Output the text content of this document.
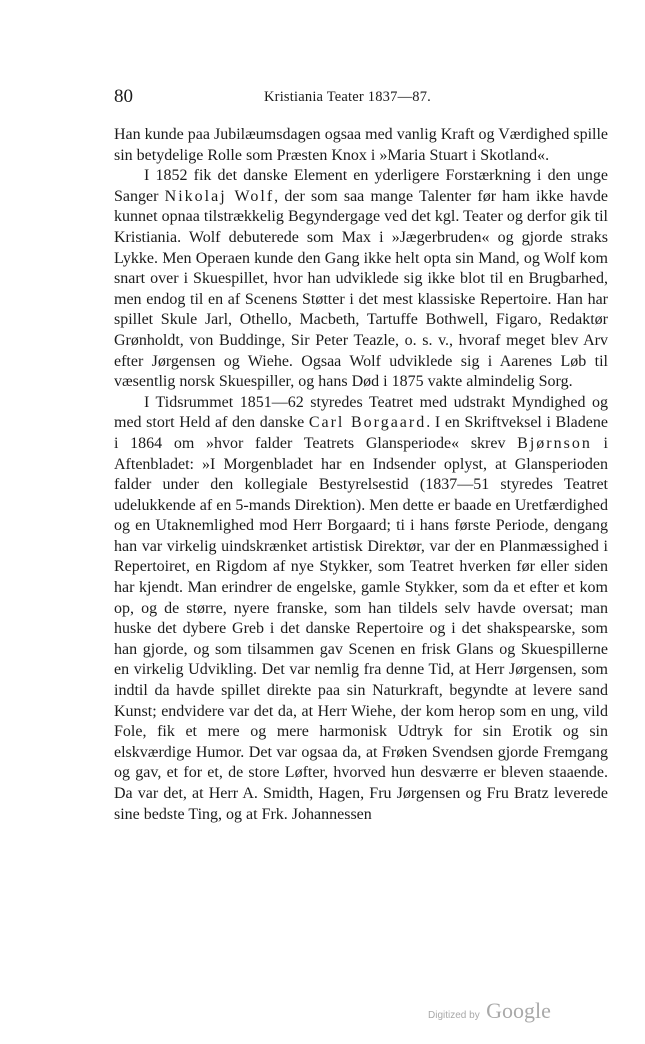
80	Kristiania Teater 1837—87.

Han kunde paa Jubilæumsdagen ogsaa med vanlig Kraft og Værdighed spille sin betydelige Rolle som Præsten Knox i »Maria Stuart i Skotland«.

I 1852 fik det danske Element en yderligere Forstærkning i den unge Sanger Nikolaj Wolf, der som saa mange Talenter før ham ikke havde kunnet opnaa tilstrækkelig Begyndergage ved det kgl. Teater og derfor gik til Kristiania. Wolf debuterede som Max i »Jægerbruden« og gjorde straks Lykke. Men Operaen kunde den Gang ikke helt opta sin Mand, og Wolf kom snart over i Skuespillet, hvor han udviklede sig ikke blot til en Brugbarhed, men endog til en af Scenens Støtter i det mest klassiske Repertoire. Han har spillet Skule Jarl, Othello, Macbeth, Tartuffe Bothwell, Figaro, Redaktør Grønholdt, von Buddinge, Sir Peter Teazle, o. s. v., hvoraf meget blev Arv efter Jørgensen og Wiehe. Ogsaa Wolf udviklede sig i Aarenes Løb til væsentlig norsk Skuespiller, og hans Død i 1875 vakte almindelig Sorg.

I Tidsrummet 1851—62 styredes Teatret med udstrakt Myndighed og med stort Held af den danske Carl Borgaard. I en Skriftveksel i Bladene i 1864 om »hvor falder Teatrets Glansperiode« skrev Bjørnson i Aftenbladet: »I Morgenbladet har en Indsender oplyst, at Glansperioden falder under den kollegiale Bestyrelsestid (1837—51 styredes Teatret udelukkende af en 5-mands Direktion). Men dette er baade en Uretfærdighed og en Utaknemlighed mod Herr Borgaard; ti i hans første Periode, dengang han var virkelig uindskrænket artistisk Direktør, var der en Planmæssighed i Repertoiret, en Rigdom af nye Stykker, som Teatret hverken før eller siden har kjendt. Man erindrer de engelske, gamle Stykker, som da et efter et kom op, og de større, nyere franske, som han tildels selv havde oversat; man huske det dybere Greb i det danske Repertoire og i det shakspearske, som han gjorde, og som tilsammen gav Scenen en frisk Glans og Skuespillerne en virkelig Udvikling. Det var nemlig fra denne Tid, at Herr Jørgensen, som indtil da havde spillet direkte paa sin Naturkraft, begyndte at levere sand Kunst; endvidere var det da, at Herr Wiehe, der kom herop som en ung, vild Fole, fik et mere og mere harmonisk Udtryk for sin Erotik og sin elskværdige Humor. Det var ogsaa da, at Frøken Svendsen gjorde Fremgang og gav, et for et, de store Løfter, hvorved hun desværre er bleven staaende. Da var det, at Herr A. Smidth, Hagen, Fru Jørgensen og Fru Bratz leverede sine bedste Ting, og at Frk. Johannessen

Digitized by Google
